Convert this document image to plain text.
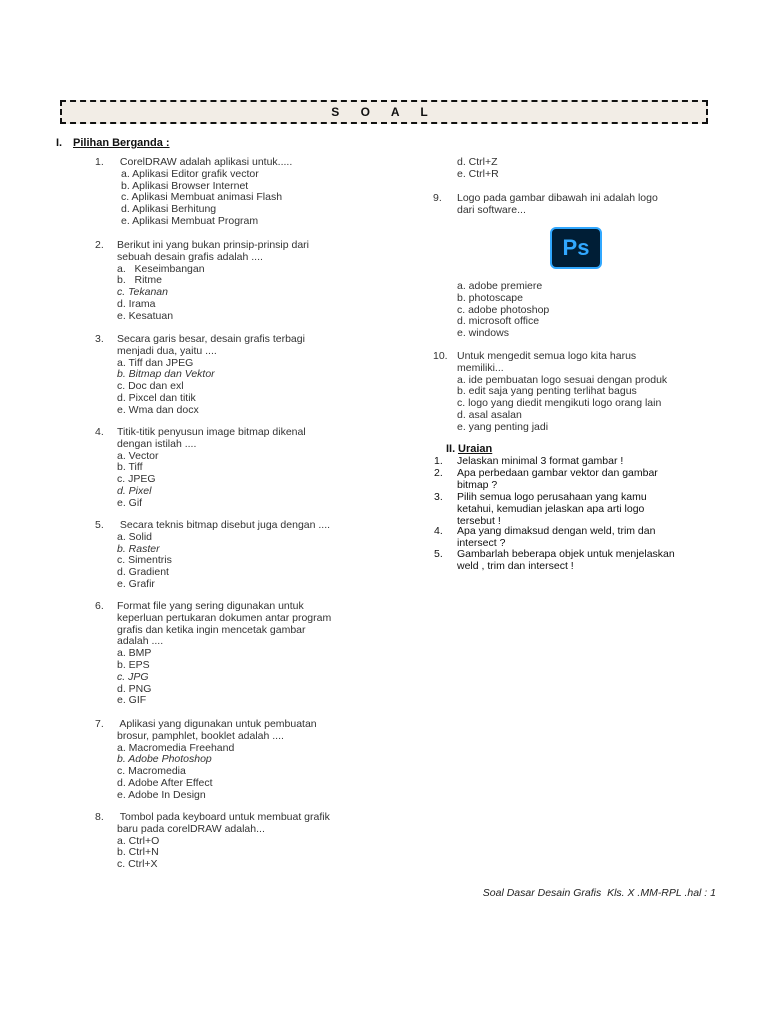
S O A L
I. Pilihan Berganda :
1. CorelDRAW adalah aplikasi untuk.....
a. Aplikasi Editor grafik vector
b. Aplikasi Browser Internet
c. Aplikasi Membuat animasi Flash
d. Aplikasi Berhitung
e. Aplikasi Membuat Program
2. Berikut ini yang bukan prinsip-prinsip dari
sebuah desain grafis adalah ....
a.   Keseimbangan
b.   Ritme
c. Tekanan
d. Irama
e. Kesatuan
3. Secara garis besar, desain grafis terbagi
menjadi dua, yaitu ....
a. Tiff dan JPEG
b. Bitmap dan Vektor
c. Doc dan exl
d. Pixcel dan titik
e. Wma dan docx
4. Titik-titik penyusun image bitmap dikenal
dengan istilah ....
a. Vector
b. Tiff
c. JPEG
d. Pixel
e. Gif
5. Secara teknis bitmap disebut juga dengan ....
a. Solid
b. Raster
c. Simentris
d. Gradient
e. Grafir
6. Format file yang sering digunakan untuk
keperluan pertukaran dokumen antar program
grafis dan ketika ingin mencetak gambar
adalah ....
a. BMP
b. EPS
c. JPG
d. PNG
e. GIF
7. Aplikasi yang digunakan untuk pembuatan
brosur, pamphlet, booklet adalah ....
a. Macromedia Freehand
b. Adobe Photoshop
c. Macromedia
d. Adobe After Effect
e. Adobe In Design
8. Tombol pada keyboard untuk membuat grafik
baru pada corelDRAW adalah...
a. Ctrl+O
b. Ctrl+N
c. Ctrl+X
d. Ctrl+Z
e. Ctrl+R
9. Logo pada gambar dibawah ini adalah logo
dari software...
Ps
a. adobe premiere
b. photoscape
c. adobe photoshop
d. microsoft office
e. windows
10. Untuk mengedit semua logo kita harus
memiliki...
a. ide pembuatan logo sesuai dengan produk
b. edit saja yang penting terlihat bagus
c. logo yang diedit mengikuti logo orang lain
d. asal asalan
e. yang penting jadi
II. Uraian
1. Jelaskan minimal 3 format gambar !
2. Apa perbedaan gambar vektor dan gambar
bitmap ?
3. Pilih semua logo perusahaan yang kamu
ketahui, kemudian jelaskan apa arti logo
tersebut !
4. Apa yang dimaksud dengan weld, trim dan
intersect ?
5. Gambarlah beberapa objek untuk menjelaskan
weld , trim dan intersect !
Soal Dasar Desain Grafis  Kls. X .MM-RPL .hal : 1
